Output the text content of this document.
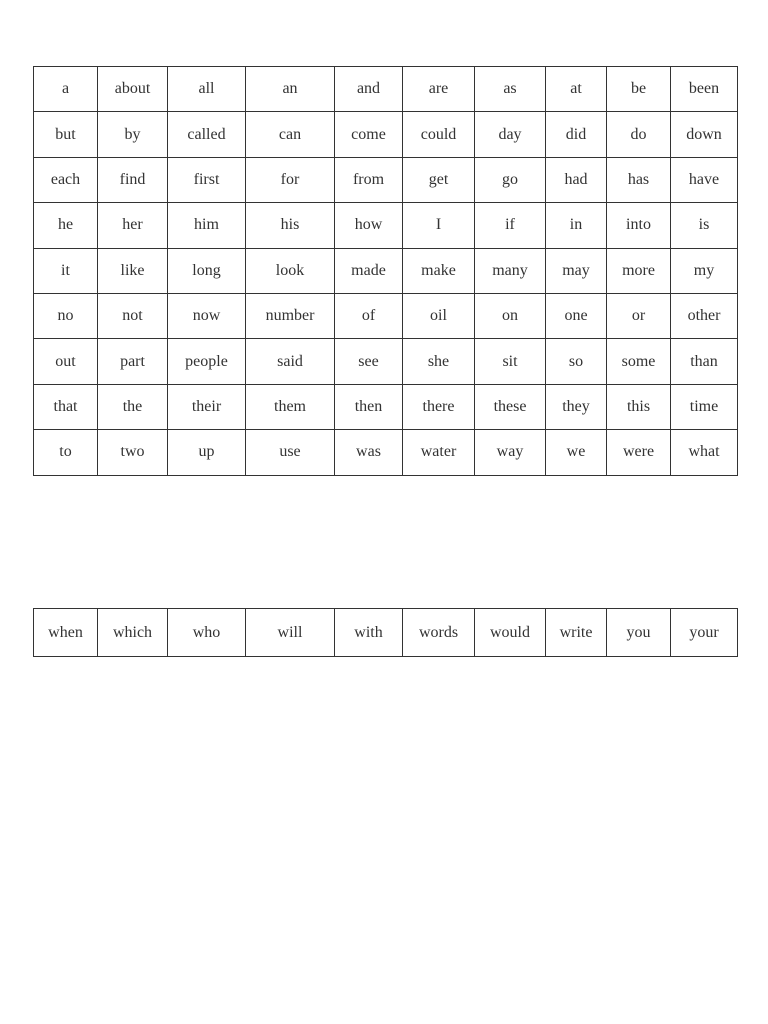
a	about	all	an	and	are	as	at	be	been
but	by	called	can	come	could	day	did	do	down
each	find	first	for	from	get	go	had	has	have
he	her	him	his	how	I	if	in	into	is
it	like	long	look	made	make	many	may	more	my
no	not	now	number	of	oil	on	one	or	other
out	part	people	said	see	she	sit	so	some	than
that	the	their	them	then	there	these	they	this	time
to	two	up	use	was	water	way	we	were	what
when	which	who	will	with	words	would	write	you	your
